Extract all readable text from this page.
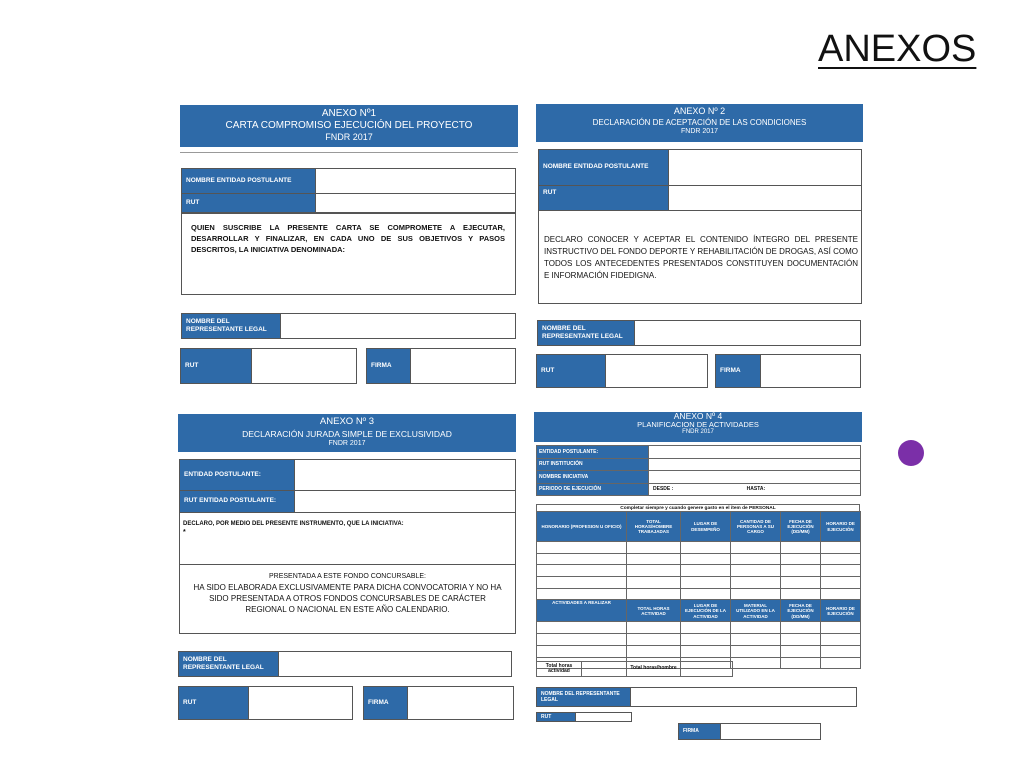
ANEXOS
ANEXO Nº1
CARTA COMPROMISO EJECUCIÓN DEL PROYECTO
FNDR 2017
NOMBRE ENTIDAD POSTULANTE
RUT
QUIEN SUSCRIBE LA PRESENTE CARTA SE COMPROMETE A EJECUTAR, DESARROLLAR Y FINALIZAR, EN CADA UNO DE SUS OBJETIVOS Y PASOS DESCRITOS, LA INICIATIVA DENOMINADA:
NOMBRE DEL REPRESENTANTE LEGAL
RUT	FIRMA
ANEXO Nº 2
DECLARACIÓN DE ACEPTACIÓN DE LAS CONDICIONES
FNDR 2017
NOMBRE ENTIDAD POSTULANTE
RUT
DECLARO CONOCER Y ACEPTAR EL CONTENIDO ÍNTEGRO DEL PRESENTE INSTRUCTIVO DEL FONDO DEPORTE Y REHABILITACIÓN DE DROGAS, ASÍ COMO TODOS LOS ANTECEDENTES PRESENTADOS CONSTITUYEN DOCUMENTACIÓN E INFORMACIÓN FIDEDIGNA.
NOMBRE DEL REPRESENTANTE LEGAL
RUT	FIRMA
ANEXO Nº 3
DECLARACIÓN JURADA SIMPLE DE EXCLUSIVIDAD
FNDR 2017
ENTIDAD POSTULANTE:
RUT ENTIDAD POSTULANTE:
DECLARO, POR MEDIO DEL PRESENTE INSTRUMENTO, QUE LA INICIATIVA:
*
PRESENTADA A ESTE FONDO CONCURSABLE:
HA SIDO ELABORADA EXCLUSIVAMENTE PARA DICHA CONVOCATORIA Y NO HA SIDO PRESENTADA A OTROS FONDOS CONCURSABLES DE CARÁCTER REGIONAL O NACIONAL EN ESTE AÑO CALENDARIO.
NOMBRE DEL REPRESENTANTE LEGAL
RUT	FIRMA
ANEXO Nº 4
PLANIFICACION DE ACTIVIDADES
FNDR 2017
ENTIDAD POSTULANTE:	
RUT INSTITUCIÓN	
NOMBRE INICIATIVA	
PERIODO DE EJECUCIÓN	DESDE : HASTA:
Completar siempre y cuando genere gasto en el ítem de PERSONAL
HONORARIO (PROFESION U OFICIO)	TOTAL HORAS/HOMBRE TRABAJADAS	LUGAR DE DESEMPEÑO	CANTIDAD DE PERSONAS A SU CARGO	FECHA DE EJECUCIÓN (DD/MM)	HORARIO DE EJECUCIÓN

ACTIVIDADES A REALIZAR	TOTAL HORAS ACTIVIDAD	LUGAR DE EJECUCIÓN DE LA ACTIVIDAD	MATERIAL UTILIZADO EN LA ACTIVIDAD	FECHA DE EJECUCIÓN (DD/MM)	HORARIO DE EJECUCIÓN

Total horas actividad		Total horas/hombre	
NOMBRE DEL REPRESENTANTE LEGAL
RUT
FIRMA
